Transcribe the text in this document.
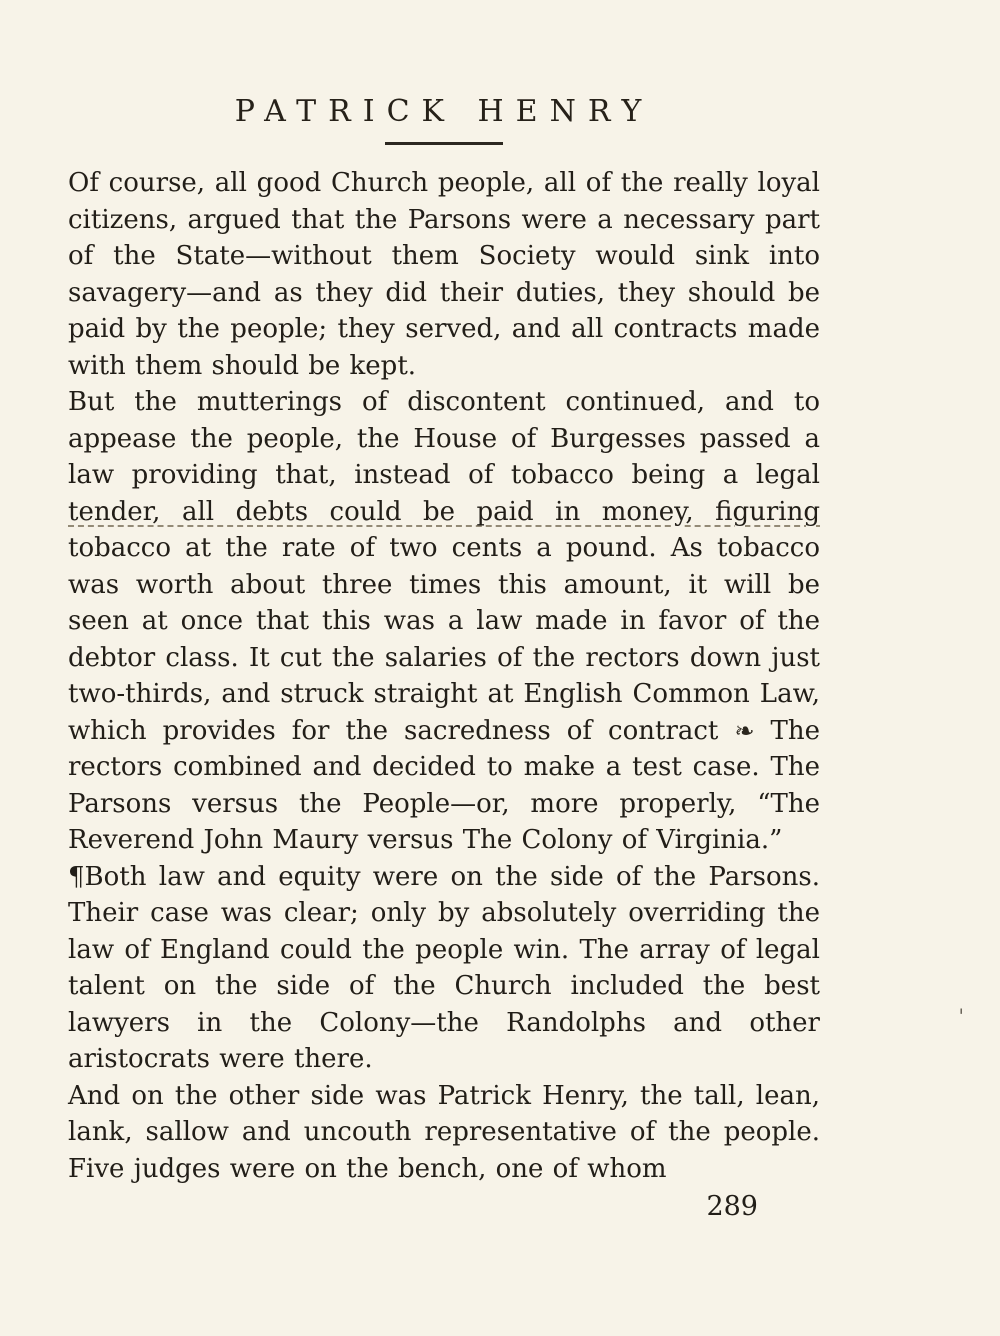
PATRICK HENRY

Of course, all good Church people, all of the really loyal citizens, argued that the Parsons were a necessary part of the State—without them Society would sink into savagery—and as they did their duties, they should be paid by the people; they served, and all contracts made with them should be kept.

But the mutterings of discontent continued, and to appease the people, the House of Burgesses passed a law providing that, instead of tobacco being a legal tender, all debts could be paid in money, figuring tobacco at the rate of two cents a pound. As tobacco was worth about three times this amount, it will be seen at once that this was a law made in favor of the debtor class. It cut the salaries of the rectors down just two-thirds, and struck straight at English Common Law, which provides for the sacredness of contract ❧ The rectors combined and decided to make a test case. The Parsons versus the People—or, more properly, “The Reverend John Maury versus The Colony of Virginia.”

¶Both law and equity were on the side of the Parsons. Their case was clear; only by absolutely overriding the law of England could the people win. The array of legal talent on the side of the Church included the best lawyers in the Colony—the Randolphs and other aristocrats were there.

And on the other side was Patrick Henry, the tall, lean, lank, sallow and uncouth representative of the people. Five judges were on the bench, one of whom

289
'
